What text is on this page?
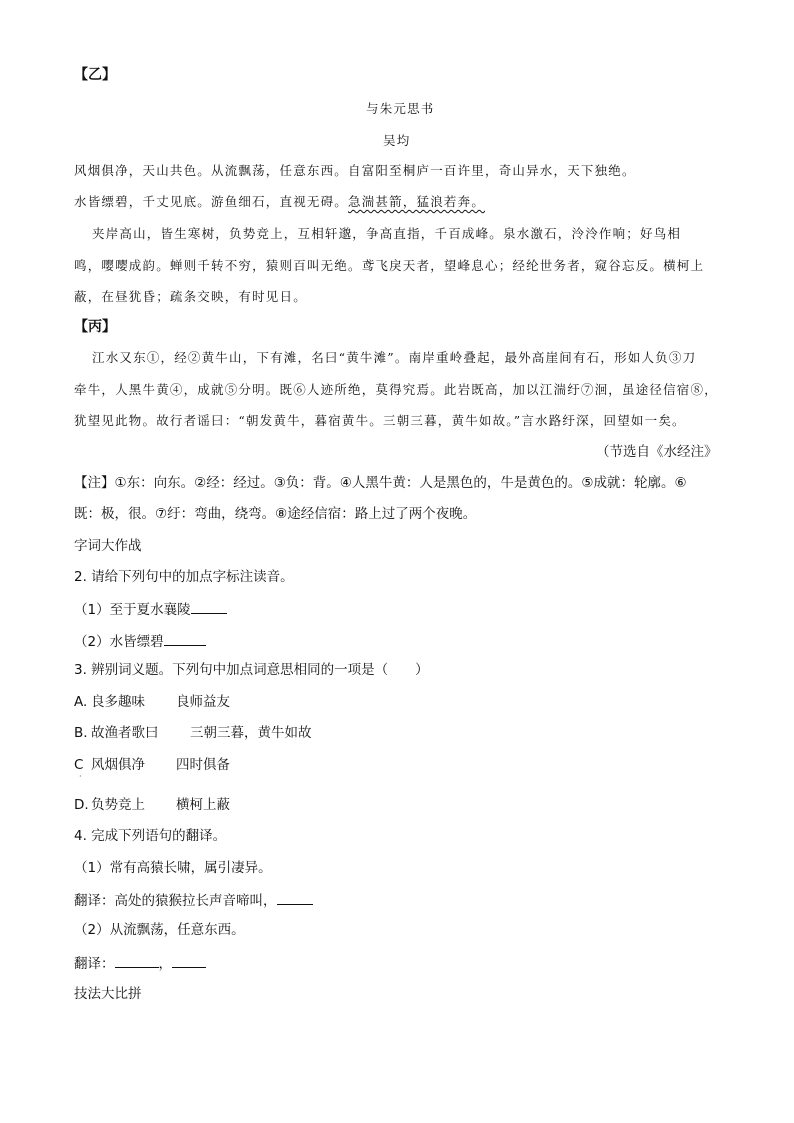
【乙】
与朱元思书
吴均
风烟俱净，天山共色。从流飘荡，任意东西。自富阳至桐庐一百许里，奇山异水，天下独绝。
水皆缥碧，千丈见底。游鱼细石，直视无碍。急湍甚箭，猛浪若奔。
夹岸高山，皆生寒树，负势竞上，互相轩邈，争高直指，千百成峰。泉水激石，泠泠作响；好鸟相
鸣，嘤嘤成韵。蝉则千转不穷，猿则百叫无绝。鸢飞戾天者，望峰息心；经纶世务者，窥谷忘反。横柯上
蔽，在昼犹昏；疏条交映，有时见日。
【丙】
江水又东①，经②黄牛山，下有滩，名曰“黄牛滩”。南岸重岭叠起，最外高崖间有石，形如人负③刀
牵牛，人黑牛黄④，成就⑤分明。既⑥人迹所绝，莫得究焉。此岩既高，加以江湍纡⑦洄，虽途径信宿⑧，
犹望见此物。故行者谣曰：“朝发黄牛，暮宿黄牛。三朝三暮，黄牛如故。”言水路纡深，回望如一矣。
（节选自《水经注》
【注】①东：向东。②经：经过。③负：背。④人黑牛黄：人是黑色的，牛是黄色的。⑤成就：轮廓。⑥
既：极，很。⑦纡：弯曲，绕弯。⑧途经信宿：路上过了两个夜晚。
字词大作战
2. 请给下列句中的加点字标注读音。
（1）至于夏水襄陵
（2）水皆缥碧
3. 辨别词义题。下列句中加点词意思相同的一项是（　　）
A. 良多趣味 良师益友
B. 故渔者歌曰 三朝三暮，黄牛如故
C
·
风烟俱净 四时俱备
D. 负势竞上 横柯上蔽
4. 完成下列语句的翻译。
（1）常有高猿长啸，属引凄异。
翻译：高处的猿猴拉长声音啼叫，
（2）从流飘荡，任意东西。
翻译：	，
技法大比拼
